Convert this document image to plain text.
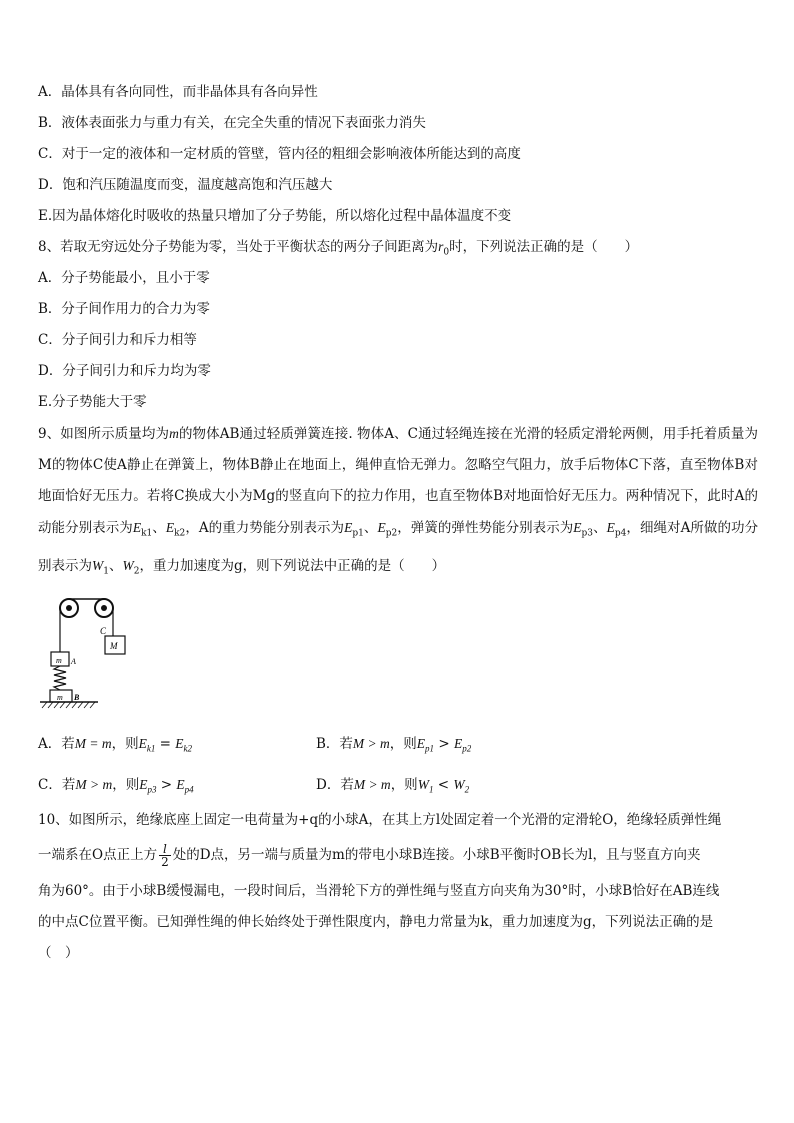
A．晶体具有各向同性，而非晶体具有各向异性
B．液体表面张力与重力有关，在完全失重的情况下表面张力消失
C．对于一定的液体和一定材质的管壁，管内径的粗细会影响液体所能达到的高度
D．饱和汽压随温度而变，温度越高饱和汽压越大
E.因为晶体熔化时吸收的热量只增加了分子势能，所以熔化过程中晶体温度不变
8、若取无穷远处分子势能为零，当处于平衡状态的两分子间距离为$r_0$时，下列说法正确的是（　　）
A．分子势能最小，且小于零
B．分子间作用力的合力为零
C．分子间引力和斥力相等
D．分子间引力和斥力均为零
E.分子势能大于零
9、如图所示质量均为m的物体AB通过轻质弹簧连接. 物体A、C通过轻绳连接在光滑的轻质定滑轮两侧，用手托着质量为M的物体C使A静止在弹簧上，物体B静止在地面上，绳伸直恰无弹力。忽略空气阻力，放手后物体C下落，直至物体B对地面恰好无压力。若将C换成大小为Mg的竖直向下的拉力作用，也直至物体B对地面恰好无压力。两种情况下，此时A的动能分别表示为$E_{k1}$、$E_{k2}$，A的重力势能分别表示为$E_{p1}$、$E_{p2}$，弹簧的弹性势能分别表示为$E_{p3}$、$E_{p4}$，细绳对A所做的功分别表示为$W_1$、$W_2$，重力加速度为g，则下列说法中正确的是（　　）
M
C
m A
m B
A．若M = m，则$E_{k1} = E_{k2}$	B．若M > m，则$E_{p1} > E_{p2}$
C．若M > m，则$E_{p3} > E_{p4}$	D．若M > m，则$W_1 < W_2$
10、如图所示，绝缘底座上固定一电荷量为+q的小球A，在其上方l处固定着一个光滑的定滑轮O，绝缘轻质弹性绳
一端系在O点正上方 $\frac{l}{2}$ 处的D点，另一端与质量为m的带电小球B连接。小球B平衡时OB长为l，且与竖直方向夹
角为60°。由于小球B缓慢漏电，一段时间后，当滑轮下方的弹性绳与竖直方向夹角为30°时，小球B恰好在AB连线
的中点C位置平衡。已知弹性绳的伸长始终处于弹性限度内，静电力常量为k，重力加速度为g，下列说法正确的是
（　）
